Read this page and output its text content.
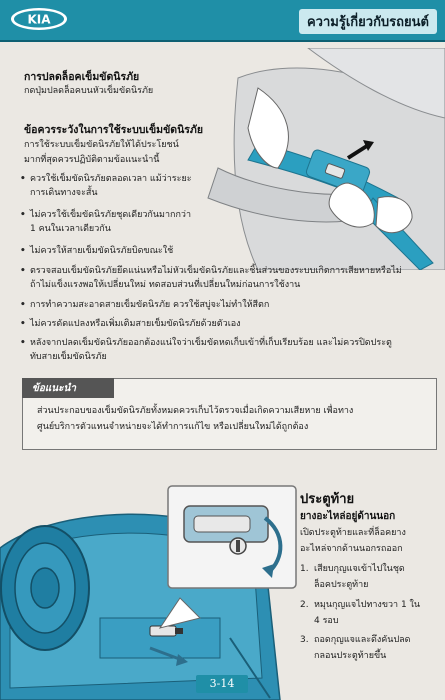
KIA	ความรู้เกี่ยวกับรถยนต์
การปลดล็อคเข็มขัดนิรภัย
กดปุ่มปลดล็อคบนหัวเข็มขัดนิรภัย
ข้อควรระวังในการใช้ระบบเข็มขัดนิรภัย
การใช้ระบบเข็มขัดนิรภัยให้ได้ประโยชน์
มากที่สุดควรปฏิบัติตามข้อแนะนำนี้
• ควรใช้เข็มขัดนิรภัยตลอดเวลา แม้ว่าระยะ
การเดินทางจะสั้น
• ไม่ควรใช้เข็มขัดนิรภัยชุดเดียวกันมากกว่า
1 คนในเวลาเดียวกัน
• ไม่ควรให้สายเข็มขัดนิรภัยบิดขณะใช้
• ตรวจสอบเข็มขัดนิรภัยยึดแน่นหรือไม่หัวเข็มขัดนิรภัยและชิ้นส่วนของระบบเกิดการเสียหายหรือไม่
ถ้าไม่แข็งแรงพอให้เปลี่ยนใหม่ ทดสอบส่วนที่เปลี่ยนใหม่ก่อนการใช้งาน
• การทำความสะอาดสายเข็มขัดนิรภัย ควรใช้สบู่จะไม่ทำให้สีตก
• ไม่ควรดัดแปลงหรือเพิ่มเติมสายเข็มขัดนิรภัยด้วยตัวเอง
• หลังจากปลดเข็มขัดนิรภัยออกต้องแน่ใจว่าเข็มขัดหดเก็บเข้าที่เก็บเรียบร้อย และไม่ควรปิดประตู
ทับสายเข็มขัดนิรภัย
ข้อแนะนำ
ส่วนประกอบของเข็มขัดนิรภัยทั้งหมดควรเก็บไว้ตรวจเมื่อเกิดความเสียหาย เพื่อทาง
ศูนย์บริการตัวแทนจำหน่ายจะได้ทำการแก้ไข หรือเปลี่ยนใหม่ได้ถูกต้อง
ประตูท้าย
ยางอะไหล่อยู่ด้านนอก
เปิดประตูท้ายและที่ล็อคยาง
อะไหล่จากด้านนอกรถออก
1. เสียบกุญแจเข้าไปในชุด
ล็อคประตูท้าย
2. หมุนกุญแจไปทางขวา 1 ใน
4 รอบ
3. ถอดกุญแจและดึงคันปลด
กลอนประตูท้ายขึ้น
3-14
